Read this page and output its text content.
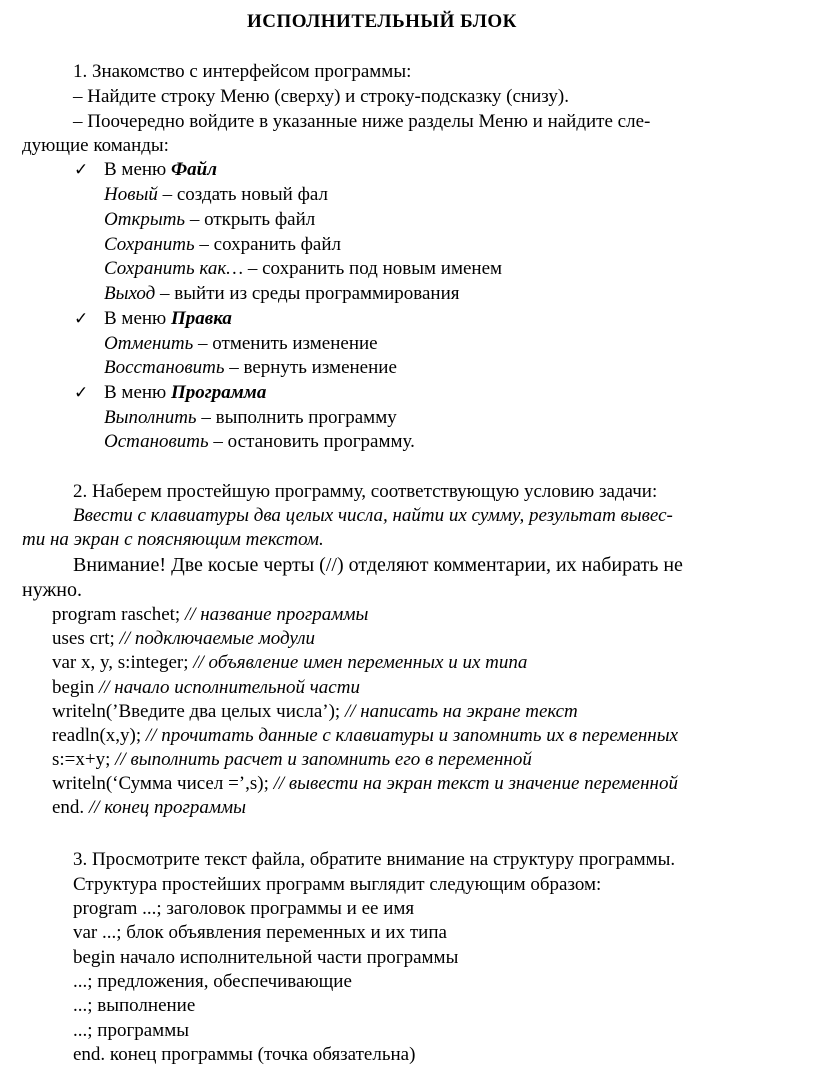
ИСПОЛНИТЕЛЬНЫЙ БЛОК
1. Знакомство с интерфейсом программы:
– Найдите строку Меню (сверху) и строку-подсказку (снизу).
– Поочередно войдите в указанные ниже разделы Меню и найдите сле-
дующие команды:
✓ В меню Файл
Новый – создать новый фал
Открыть – открыть файл
Сохранить – сохранить файл
Сохранить как… – сохранить под новым именем
Выход – выйти из среды программирования
✓ В меню Правка
Отменить – отменить изменение
Восстановить – вернуть изменение
✓ В меню Программа
Выполнить – выполнить программу
Остановить – остановить программу.
2. Наберем простейшую программу, соответствующую условию задачи:
Ввести с клавиатуры два целых числа, найти их сумму, результат вывес-
ти на экран с поясняющим текстом.
Внимание! Две косые черты (//) отделяют комментарии, их набирать не
нужно.
program raschet; // название программы
uses crt; // подключаемые модули
var x, y, s:integer; // объявление имен переменных и их типа
begin // начало исполнительной части
writeln(’Введите два целых числа’); // написать на экране текст
readln(x,y); // прочитать данные с клавиатуры и запомнить их в переменных
s:=x+y; // выполнить расчет и запомнить его в переменной
writeln(‘Сумма чисел =’,s); // вывести на экран текст и значение переменной
end. // конец программы
3. Просмотрите текст файла, обратите внимание на структуру программы.
Структура простейших программ выглядит следующим образом:
program ...; заголовок программы и ее имя
var ...; блок объявления переменных и их типа
begin начало исполнительной части программы
...; предложения, обеспечивающие
...; выполнение
...; программы
end. конец программы (точка обязательна)
